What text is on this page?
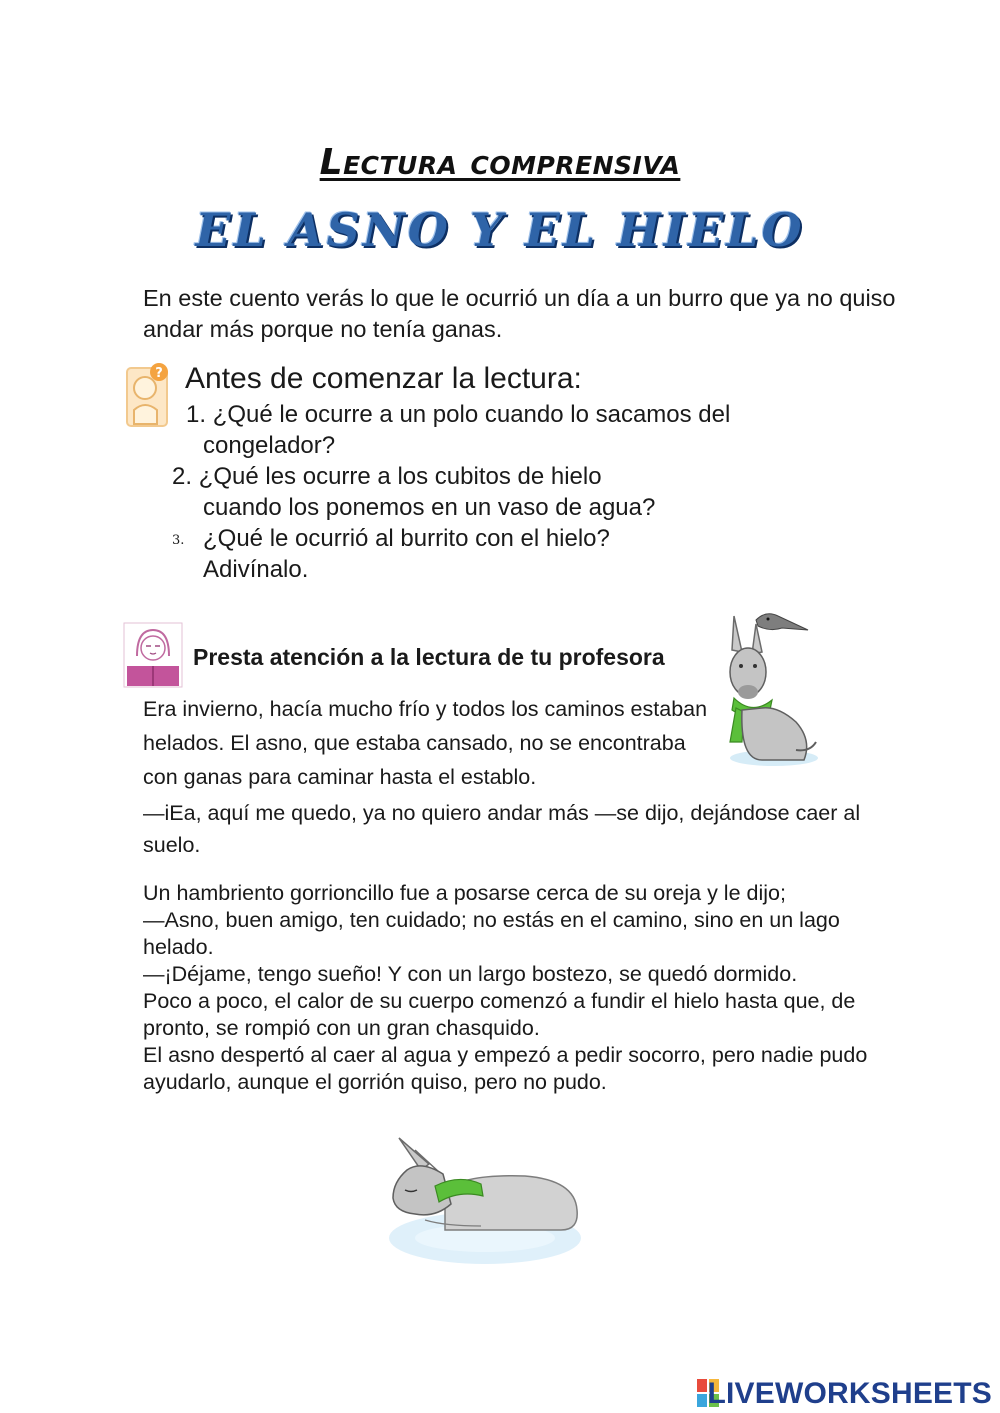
Lectura comprensiva
EL ASNO Y EL HIELO
En este cuento verás lo que le ocurrió un día a un burro que ya no quiso andar más porque no tenía ganas.
? Antes de comenzar la lectura:
1. ¿Qué le ocurre a un polo cuando lo sacamos del
congelador?
2. ¿Qué les ocurre a los cubitos de hielo
cuando los ponemos en un vaso de agua?
3. ¿Qué le ocurrió al burrito con el hielo?
Adivínalo.
Presta atención a la lectura de tu profesora
Era invierno, hacía mucho frío y todos los caminos estaban helados. El asno, que estaba cansado, no se encontraba con ganas para caminar hasta el establo.
—iEa, aquí me quedo, ya no quiero andar más —se dijo, dejándose caer al suelo.

Un hambriento gorrioncillo fue a posarse cerca de su oreja y le dijo;

—Asno, buen amigo, ten cuidado; no estás en el camino, sino en un lago helado.

—¡Déjame, tengo sueño! Y con un largo bostezo, se quedó dormido.

Poco a poco, el calor de su cuerpo comenzó a fundir el hielo hasta que, de pronto, se rompió con un gran chasquido.

El asno despertó al caer al agua y empezó a pedir socorro, pero nadie pudo ayudarlo, aunque el gorrión quiso, pero no pudo.

LIVEWORKSHEETS
